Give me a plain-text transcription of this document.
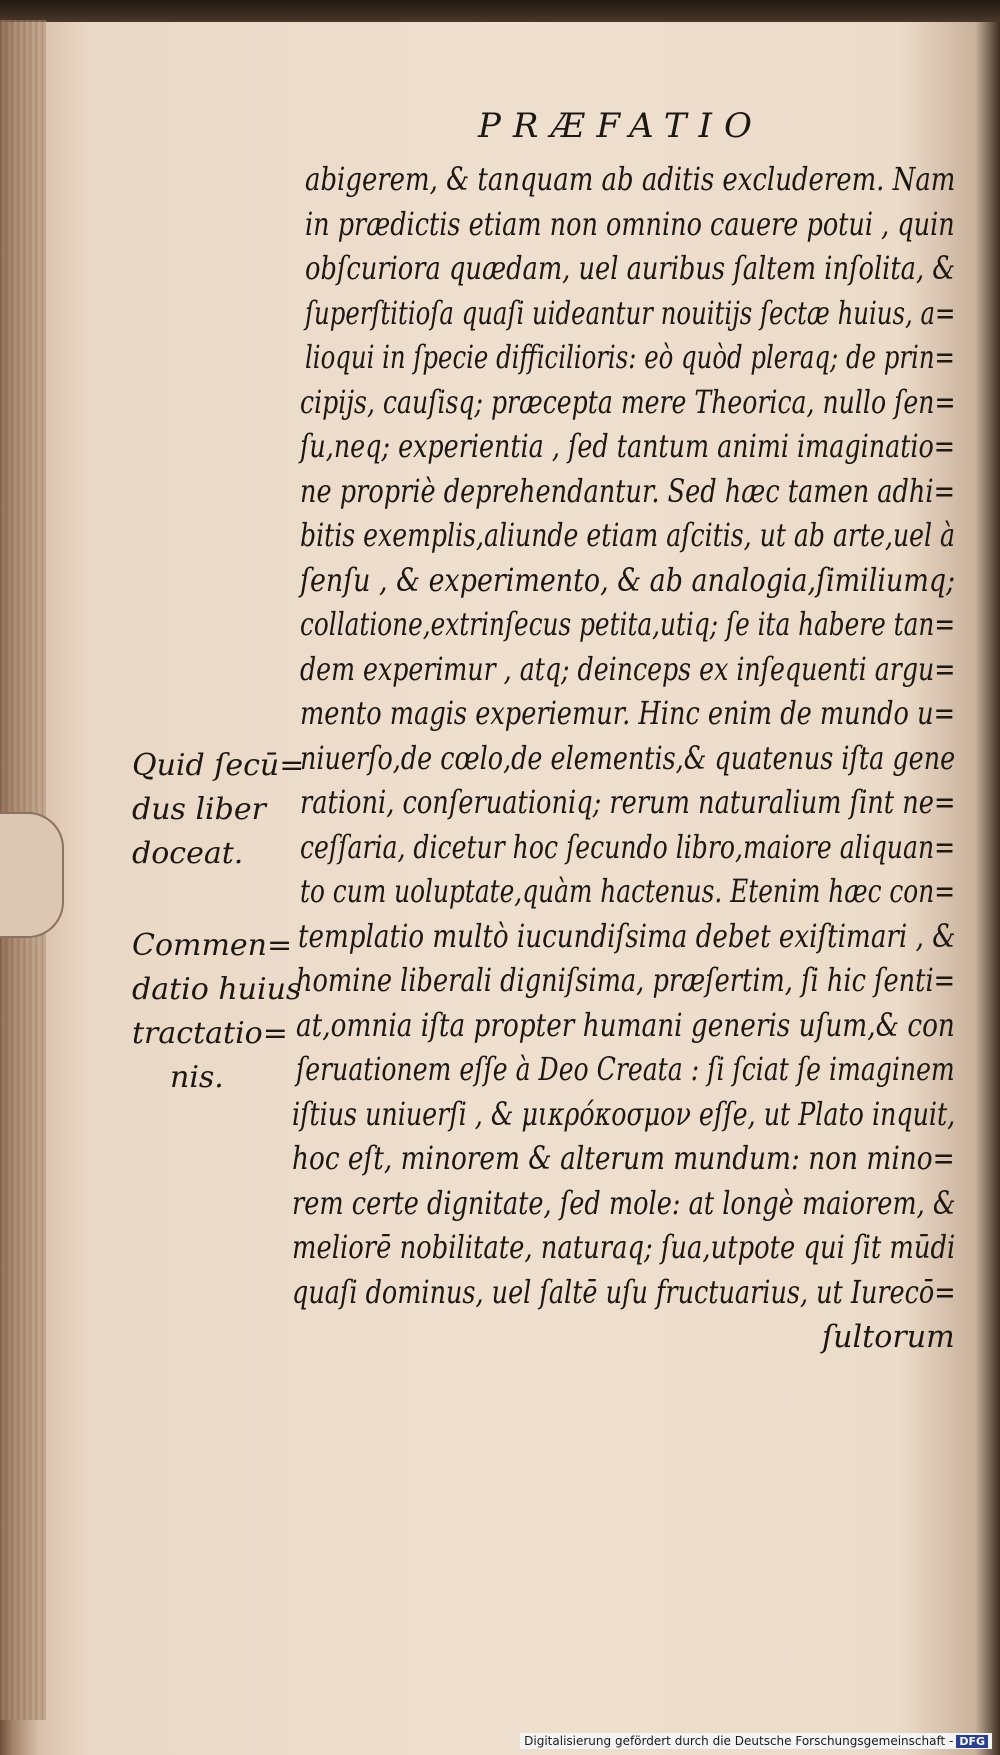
PRÆFATIO
abigerem, & tanquam ab aditis excluderem. Nam
in prædictis etiam non omnino cauere potui , quin
obſcuriora quædam, uel auribus ſaltem inſolita, &
ſuperſtitioſa quaſi uideantur nouitijs ſectæ huius, a=
lioqui in ſpecie difficilioris: eò quòd pleraq; de prin=
cipijs, cauſisq; præcepta mere Theorica, nullo ſen=
ſu,neq; experientia , ſed tantum animi imaginatio=
ne propriè deprehendantur. Sed hæc tamen adhi=
bitis exemplis,aliunde etiam aſcitis, ut ab arte,uel à
ſenſu , & experimento, & ab analogia,ſimiliumq;
collatione,extrinſecus petita,utiq; ſe ita habere tan=
dem experimur , atq; deinceps ex inſequenti argu=
mento magis experiemur. Hinc enim de mundo u=
niuerſo,de cœlo,de elementis,& quatenus iſta gene
rationi, conſeruationiq; rerum naturalium ſint ne=
ceſſaria, dicetur hoc ſecundo libro,maiore aliquan=
to cum uoluptate,quàm hactenus. Etenim hæc con=
templatio multò iucundiſsima debet exiſtimari , &
homine liberali digniſsima, præſertim, ſi hic ſenti=
at,omnia iſta propter humani generis uſum,& con
ſeruationem eſſe à Deo Creata : ſi ſciat ſe imaginem
iſtius uniuerſi , & μικρόκοσμον eſſe, ut Plato inquit,
hoc eſt, minorem & alterum mundum: non mino=
rem certe dignitate, ſed mole: at longè maiorem, &
meliorē nobilitate, naturaq; ſua,utpote qui ſit mūdi
quaſi dominus, uel ſaltē uſu fructuarius, ut Iurecō=
ſultorum
Quid ſecū=
dus liber
doceat.
Commen=
datio huius
tractatio=
nis.
Digitalisierung gefördert durch die Deutsche Forschungsgemeinschaft - DFG
